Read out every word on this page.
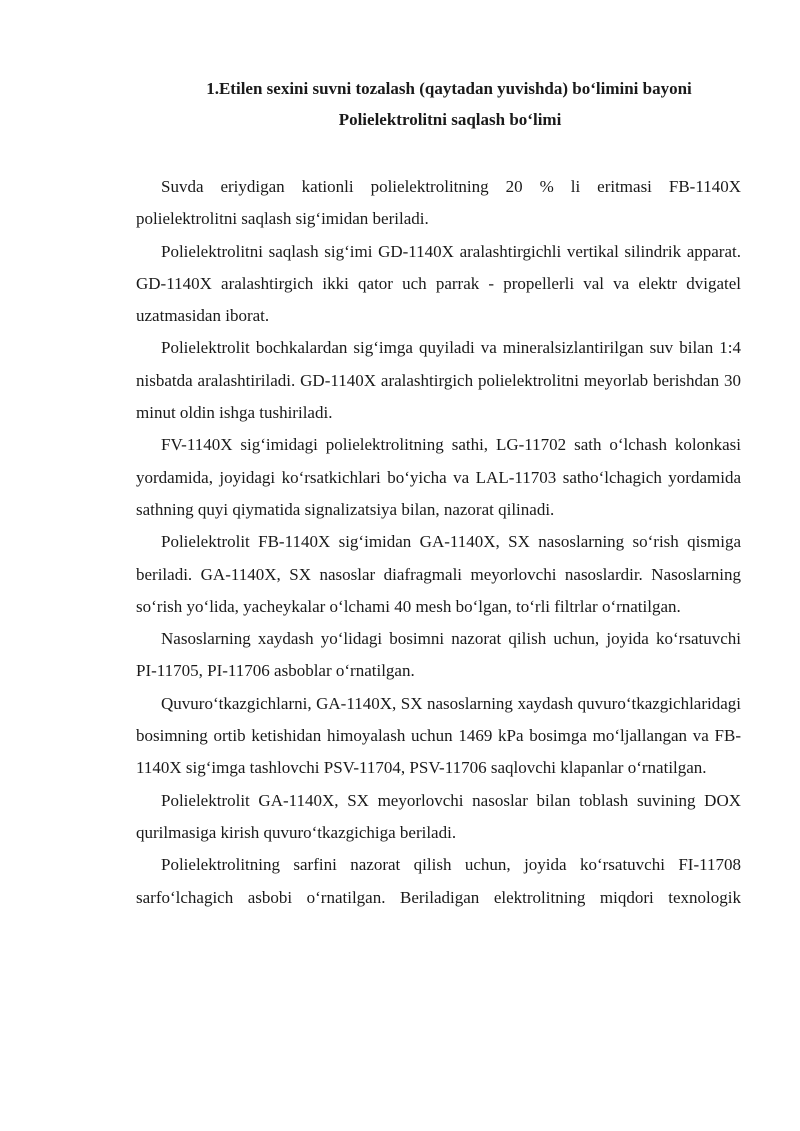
1.Etilen sexini suvni tozalash (qaytadan yuvishda) bo‘limini bayoni
Polielektrolitni saqlash bo‘limi

Suvda eriydigan kationli polielektrolitning 20 % li eritmasi FB-1140X polielektrolitni saqlash sig‘imidan beriladi.

Polielektrolitni saqlash sig‘imi GD-1140X aralashtirgichli vertikal silindrik apparat. GD-1140X aralashtirgich ikki qator uch parrak - propellerli val va elektr dvigatel uzatmasidan iborat.

Polielektrolit bochkalardan sig‘imga quyiladi va mineralsizlantirilgan suv bilan 1:4 nisbatda aralashtiriladi. GD-1140X aralashtirgich polielektrolitni meyorlab berishdan 30 minut oldin ishga tushiriladi.

FV-1140X sig‘imidagi polielektrolitning sathi, LG-11702 sath o‘lchash kolonkasi yordamida, joyidagi ko‘rsatkichlari bo‘yicha va LAL-11703 satho‘lchagich yordamida sathning quyi qiymatida signalizatsiya bilan, nazorat qilinadi.

Polielektrolit FB-1140X sig‘imidan GA-1140X, SX nasoslarning so‘rish qismiga beriladi. GA-1140X, SX nasoslar diafragmali meyorlovchi nasoslardir. Nasoslarning so‘rish yo‘lida, yacheykalar o‘lchami 40 mesh bo‘lgan, to‘rli filtrlar o‘rnatilgan.

Nasoslarning xaydash yo‘lidagi bosimni nazorat qilish uchun, joyida ko‘rsatuvchi PI-11705, PI-11706 asboblar o‘rnatilgan.

Quvuro‘tkazgichlarni, GA-1140X, SX nasoslarning xaydash quvuro‘tkazgichlaridagi bosimning ortib ketishidan himoyalash uchun 1469 kPa bosimga mo‘ljallangan va FB-1140X sig‘imga tashlovchi PSV-11704, PSV-11706 saqlovchi klapanlar o‘rnatilgan.

Polielektrolit GA-1140X, SX meyorlovchi nasoslar bilan toblash suvining DOX qurilmasiga kirish quvuro‘tkazgichiga beriladi.

Polielektrolitning sarfini nazorat qilish uchun, joyida ko‘rsatuvchi FI-11708 sarfo‘lchagich asbobi o‘rnatilgan. Beriladigan elektrolitning miqdori texnologik
